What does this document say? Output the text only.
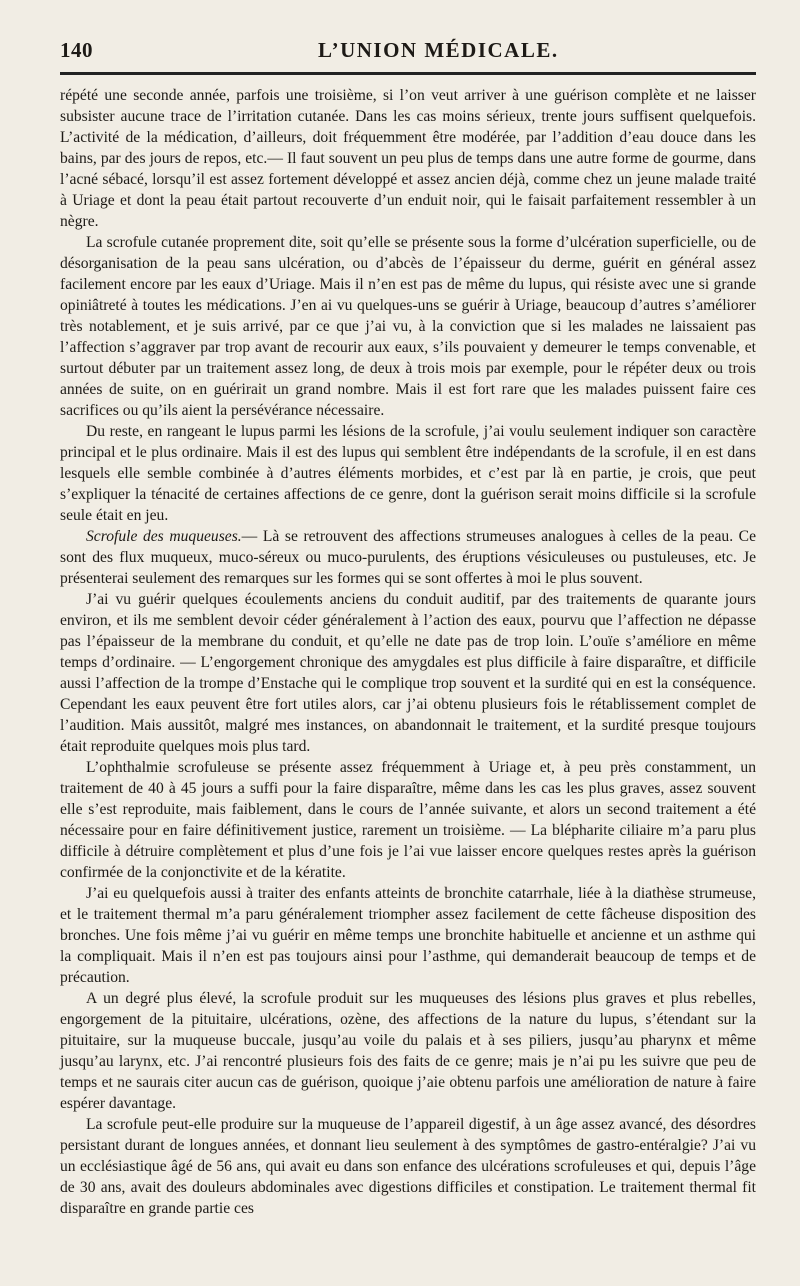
140	L’UNION MÉDICALE.

répété une seconde année, parfois une troisième, si l’on veut arriver à une guérison complète et ne laisser subsister aucune trace de l’irritation cutanée. Dans les cas moins sérieux, trente jours suffisent quelquefois. L’activité de la médication, d’ailleurs, doit fréquemment être modérée, par l’addition d’eau douce dans les bains, par des jours de repos, etc.— Il faut souvent un peu plus de temps dans une autre forme de gourme, dans l’acné sébacé, lorsqu’il est assez fortement développé et assez ancien déjà, comme chez un jeune malade traité à Uriage et dont la peau était partout recouverte d’un enduit noir, qui le faisait parfaitement ressembler à un nègre.

La scrofule cutanée proprement dite, soit qu’elle se présente sous la forme d’ulcération superficielle, ou de désorganisation de la peau sans ulcération, ou d’abcès de l’épaisseur du derme, guérit en général assez facilement encore par les eaux d’Uriage. Mais il n’en est pas de même du lupus, qui résiste avec une si grande opiniâtreté à toutes les médications. J’en ai vu quelques-uns se guérir à Uriage, beaucoup d’autres s’améliorer très notablement, et je suis arrivé, par ce que j’ai vu, à la conviction que si les malades ne laissaient pas l’affection s’aggraver par trop avant de recourir aux eaux, s’ils pouvaient y demeurer le temps convenable, et surtout débuter par un traitement assez long, de deux à trois mois par exemple, pour le répéter deux ou trois années de suite, on en guérirait un grand nombre. Mais il est fort rare que les malades puissent faire ces sacrifices ou qu’ils aient la persévérance nécessaire.

Du reste, en rangeant le lupus parmi les lésions de la scrofule, j’ai voulu seulement indiquer son caractère principal et le plus ordinaire. Mais il est des lupus qui semblent être indépendants de la scrofule, il en est dans lesquels elle semble combinée à d’autres éléments morbides, et c’est par là en partie, je crois, que peut s’expliquer la ténacité de certaines affections de ce genre, dont la guérison serait moins difficile si la scrofule seule était en jeu.

Scrofule des muqueuses.— Là se retrouvent des affections strumeuses analogues à celles de la peau. Ce sont des flux muqueux, muco-séreux ou muco-purulents, des éruptions vésiculeuses ou pustuleuses, etc. Je présenterai seulement des remarques sur les formes qui se sont offertes à moi le plus souvent.

J’ai vu guérir quelques écoulements anciens du conduit auditif, par des traitements de quarante jours environ, et ils me semblent devoir céder généralement à l’action des eaux, pourvu que l’affection ne dépasse pas l’épaisseur de la membrane du conduit, et qu’elle ne date pas de trop loin. L’ouïe s’améliore en même temps d’ordinaire. — L’engorgement chronique des amygdales est plus difficile à faire disparaître, et difficile aussi l’affection de la trompe d’Enstache qui le complique trop souvent et la surdité qui en est la conséquence. Cependant les eaux peuvent être fort utiles alors, car j’ai obtenu plusieurs fois le rétablissement complet de l’audition. Mais aussitôt, malgré mes instances, on abandonnait le traitement, et la surdité presque toujours était reproduite quelques mois plus tard.

L’ophthalmie scrofuleuse se présente assez fréquemment à Uriage et, à peu près constamment, un traitement de 40 à 45 jours a suffi pour la faire disparaître, même dans les cas les plus graves, assez souvent elle s’est reproduite, mais faiblement, dans le cours de l’année suivante, et alors un second traitement a été nécessaire pour en faire définitivement justice, rarement un troisième. — La blépharite ciliaire m’a paru plus difficile à détruire complètement et plus d’une fois je l’ai vue laisser encore quelques restes après la guérison confirmée de la conjonctivite et de la kératite.

J’ai eu quelquefois aussi à traiter des enfants atteints de bronchite catarrhale, liée à la diathèse strumeuse, et le traitement thermal m’a paru généralement triompher assez facilement de cette fâcheuse disposition des bronches. Une fois même j’ai vu guérir en même temps une bronchite habituelle et ancienne et un asthme qui la compliquait. Mais il n’en est pas toujours ainsi pour l’asthme, qui demanderait beaucoup de temps et de précaution.

A un degré plus élevé, la scrofule produit sur les muqueuses des lésions plus graves et plus rebelles, engorgement de la pituitaire, ulcérations, ozène, des affections de la nature du lupus, s’étendant sur la pituitaire, sur la muqueuse buccale, jusqu’au voile du palais et à ses piliers, jusqu’au pharynx et même jusqu’au larynx, etc. J’ai rencontré plusieurs fois des faits de ce genre; mais je n’ai pu les suivre que peu de temps et ne saurais citer aucun cas de guérison, quoique j’aie obtenu parfois une amélioration de nature à faire espérer davantage.

La scrofule peut-elle produire sur la muqueuse de l’appareil digestif, à un âge assez avancé, des désordres persistant durant de longues années, et donnant lieu seulement à des symptômes de gastro-entéralgie? J’ai vu un ecclésiastique âgé de 56 ans, qui avait eu dans son enfance des ulcérations scrofuleuses et qui, depuis l’âge de 30 ans, avait des douleurs abdominales avec digestions difficiles et constipation. Le traitement thermal fit disparaître en grande partie ces
